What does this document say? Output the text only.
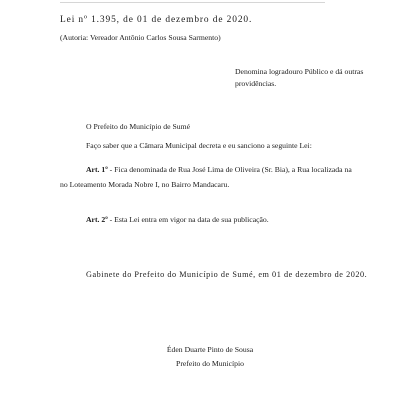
Lei nº 1.395, de 01 de dezembro de 2020.
(Autoria: Vereador Antônio Carlos Sousa Sarmento)
Denomina logradouro Público e dá outras providências.
O Prefeito do Município de Sumé
Faço saber que a Câmara Municipal decreta e eu sanciono a seguinte Lei:
Art. 1º - Fica denominada de Rua José Lima de Oliveira (Sr. Bia), a Rua localizada na
no Loteamento Morada Nobre I, no Bairro Mandacaru.
Art. 2º - Esta Lei entra em vigor na data de sua publicação.
Gabinete do Prefeito do Município de Sumé, em 01 de dezembro de 2020.
Éden Duarte Pinto de Sousa
Prefeito do Município
